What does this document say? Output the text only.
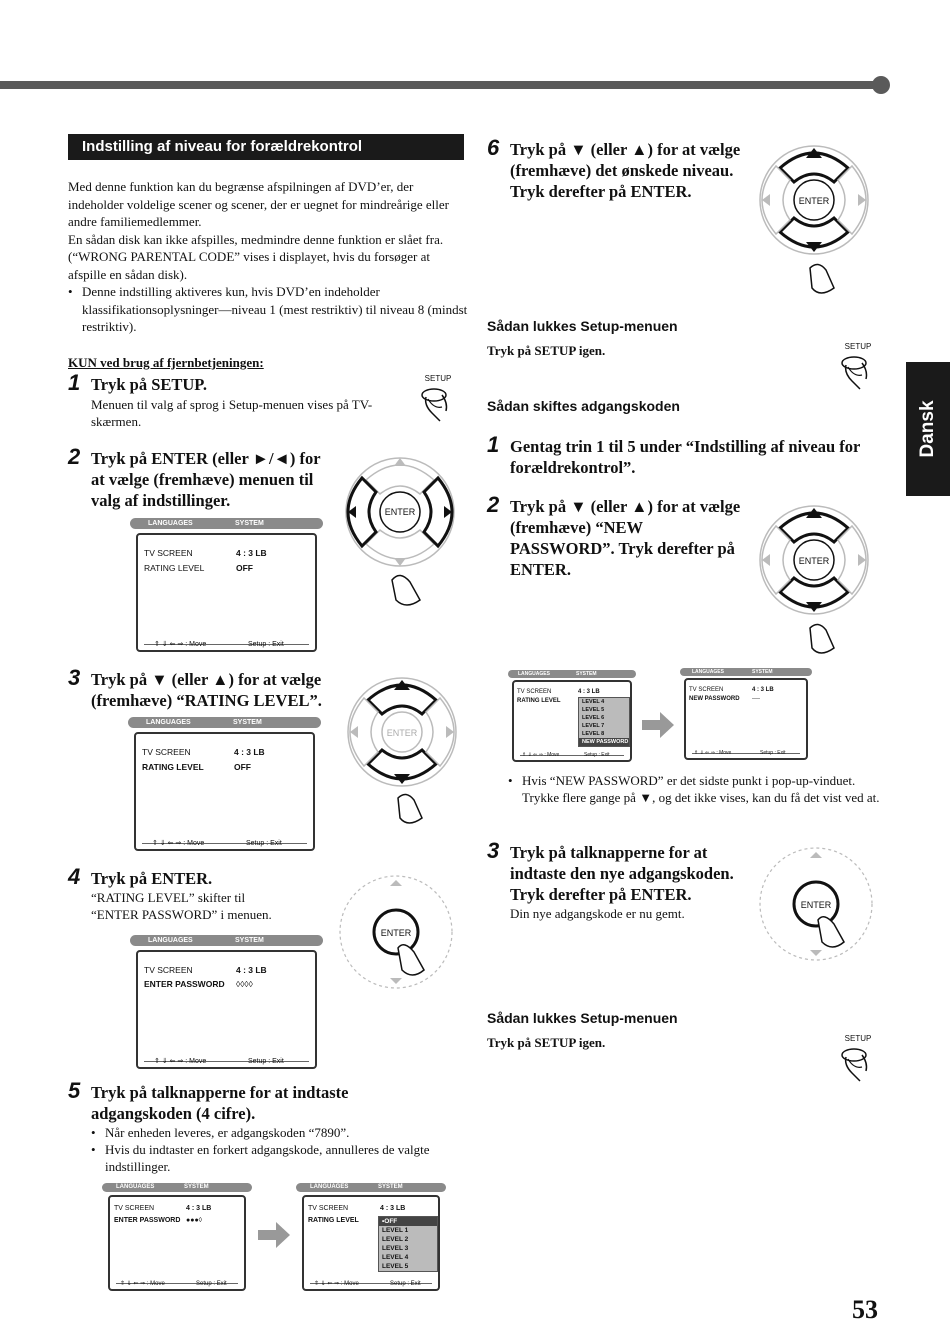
Dansk
Indstilling af niveau for forældrekontrol

Med denne funktion kan du begrænse afspilningen af DVD’er, der indeholder voldelige scener og scener, der er uegnet for mindreårige eller andre familiemedlemmer.

En sådan disk kan ikke afspilles, medmindre denne funktion er slået fra. (“WRONG PARENTAL CODE” vises i displayet, hvis du forsøger at afspille en sådan disk).

• Denne indstilling aktiveres kun, hvis DVD’en indeholder klassifikationsoplysninger—niveau 1 (mest restriktiv) til niveau 8 (mindst restriktiv).

KUN ved brug af fjernbetjeningen:
1 Tryk på SETUP.
Menuen til valg af sprog i Setup-menuen vises på TV-skærmen.
SETUP
2 Tryk på ENTER (eller ►/◄) for at vælge (fremhæve) menuen til valg af indstillinger.
ENTER
LANGUAGES	SYSTEM
TV SCREEN	4 : 3 LB
RATING LEVEL	OFF
⇑ ⇓ ⇐ ⇒ : Move	Setup : Exit
3 Tryk på ▼ (eller ▲) for at vælge (fremhæve) “RATING LEVEL”.
ENTER
LANGUAGES	SYSTEM
TV SCREEN	4 : 3 LB
RATING LEVEL	OFF
⇑ ⇓ ⇐ ⇒ : Move	Setup : Exit
4 Tryk på ENTER.
“RATING LEVEL” skifter til
“ENTER PASSWORD” i menuen.
ENTER
LANGUAGES	SYSTEM
TV SCREEN	4 : 3 LB
ENTER PASSWORD ◊◊◊◊
⇑ ⇓ ⇐ ⇒ : Move	Setup : Exit
5 Tryk på talknapperne for at indtaste adgangskoden (4 cifre).

• Når enheden leveres, er adgangskoden “7890”.

• Hvis du indtaster en forkert adgangskode, annulleres de valgte indstillinger.

LANGUAGES	SYSTEM
TV SCREEN	4 : 3 LB
ENTER PASSWORD ●●●◊
⇑ ⇓ ⇐ ⇒ : Move	Setup : Exit
LANGUAGES	SYSTEM
TV SCREEN	4 : 3 LB
RATING LEVEL	•OFF
LEVEL 1
LEVEL 2
LEVEL 3
LEVEL 4
LEVEL 5
⇑ ⇓ ⇐ ⇒ : Move	Setup : Exit
6 Tryk på ▼ (eller ▲) for at vælge (fremhæve) det ønskede niveau. Tryk derefter på ENTER.	ENTER
Sådan lukkes Setup-menuen
Tryk på SETUP igen.	SETUP
Sådan skiftes adgangskoden
1 Gentag trin 1 til 5 under “Indstilling af niveau for forældrekontrol”.
2 Tryk på ▼ (eller ▲) for at vælge (fremhæve) “NEW PASSWORD”. Tryk derefter på ENTER.	ENTER
LANGUAGES	SYSTEM
TV SCREEN	4 : 3 LB
RATING LEVEL	LEVEL 4
LEVEL 5
LEVEL 6
LEVEL 7
LEVEL 8
NEW PASSWORD
⇑ ⇓ ⇐ ⇒ : Move	Setup : Exit
LANGUAGES	SYSTEM
TV SCREEN	4 : 3 LB
NEW PASSWORD ----
⇑ ⇓ ⇐ ⇒ : Move	Setup : Exit

• Hvis “NEW PASSWORD” er det sidste punkt i pop-up-vinduet. Trykke flere gange på ▼, og det ikke vises, kan du få det vist ved at.

3 Tryk på talknapperne for at indtaste den nye adgangskoden. Tryk derefter på ENTER.
Din nye adgangskode er nu gemt.
ENTER
Sådan lukkes Setup-menuen
Tryk på SETUP igen.	SETUP
53
